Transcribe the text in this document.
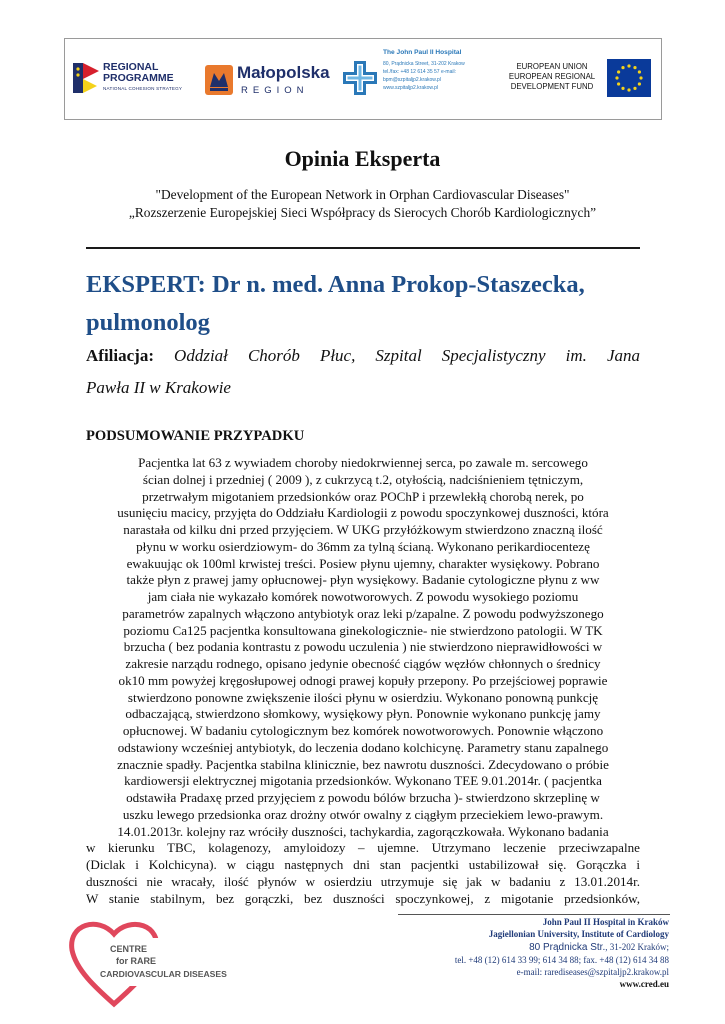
REGIONAL
PROGRAMME
NATIONAL COHESION STRATEGY
Małopolska
REGION
The John Paul II Hospital
80, Prądnicka Street, 31-202 Krakow
tel./fax: +48 12 614 35 57 e-mail:
bpm@szpitaljp2.krakow.pl
www.szpitaljp2.krakow.pl
EUROPEAN UNION
EUROPEAN REGIONAL
DEVELOPMENT FUND
Opinia Eksperta
"Development of the European Network in Orphan Cardiovascular Diseases"
„Rozszerzenie Europejskiej Sieci Współpracy ds Sierocych Chorób Kardiologicznych”
EKSPERT: Dr n. med. Anna Prokop-Staszecka,
pulmonolog
Afiliacja: Oddział Chorób Płuc, Szpital Specjalistyczny im. Jana
Pawła II w Krakowie
PODSUMOWANIE PRZYPADKU
Pacjentka lat 63 z wywiadem choroby niedokrwiennej serca, po zawale m. sercowego
ścian dolnej i przedniej ( 2009 ), z cukrzycą t.2, otyłością, nadciśnieniem tętniczym,
przetrwałym migotaniem przedsionków oraz POChP i przewlekłą chorobą nerek, po
usunięciu macicy, przyjęta do Oddziału Kardiologii z powodu spoczynkowej duszności, która
narastała od kilku dni przed przyjęciem. W UKG przyłóżkowym stwierdzono znaczną ilość
płynu w worku osierdziowym- do 36mm za tylną ścianą. Wykonano perikardiocentezę
ewakuując ok 100ml krwistej treści. Posiew płynu ujemny, charakter wysiękowy. Pobrano
także płyn z prawej jamy opłucnowej- płyn wysiękowy. Badanie cytologiczne płynu z ww
jam ciała nie wykazało komórek nowotworowych. Z powodu wysokiego poziomu
parametrów zapalnych włączono antybiotyk oraz leki p/zapalne. Z powodu podwyższonego
poziomu Ca125 pacjentka konsultowana ginekologicznie- nie stwierdzono patologii. W TK
brzucha ( bez podania kontrastu z powodu uczulenia ) nie stwierdzono nieprawidłowości w
zakresie narządu rodnego, opisano jedynie obecność ciągów węzłów chłonnych o średnicy
ok10 mm powyżej kręgosłupowej odnogi prawej kopuły przepony. Po przejściowej poprawie
stwierdzono ponowne zwiększenie ilości płynu w osierdziu. Wykonano ponowną punkcję
odbaczającą, stwierdzono słomkowy, wysiękowy płyn. Ponownie wykonano punkcję jamy
opłucnowej. W badaniu cytologicznym bez komórek nowotworowych. Ponownie włączono
odstawiony wcześniej antybiotyk, do leczenia dodano kolchicynę. Parametry stanu zapalnego
znacznie spadły. Pacjentka stabilna klinicznie, bez nawrotu duszności. Zdecydowano o próbie
kardiowersji elektrycznej migotania przedsionków. Wykonano TEE 9.01.2014r. ( pacjentka
odstawiła Pradaxę przed przyjęciem z powodu bólów brzucha )- stwierdzono skrzeplinę w
uszku lewego przedsionka oraz drożny otwór owalny z ciągłym przeciekiem lewo-prawym.
14.01.2013r. kolejny raz wróciły duszności, tachykardia, zagorączkowała. Wykonano badania
w kierunku TBC, kolagenozy, amyloidozy – ujemne. Utrzymano leczenie przeciwzapalne
(Diclak i Kolchicyna). w ciągu następnych dni stan pacjentki ustabilizował się. Gorączka i
duszności nie wracały, ilość płynów w osierdziu utrzymuje się jak w badaniu z 13.01.2014r.
W stanie stabilnym, bez gorączki, bez duszności spoczynkowej, z migotanie przedsionków,
CENTRE
for RARE
CARDIOVASCULAR DISEASES
John Paul II Hospital in Kraków
Jagiellonian University, Institute of Cardiology
80 Prądnicka Str., 31-202 Kraków;
tel. +48 (12) 614 33 99; 614 34 88; fax. +48 (12) 614 34 88
e-mail: rarediseases@szpitaljp2.krakow.pl
www.cred.eu
